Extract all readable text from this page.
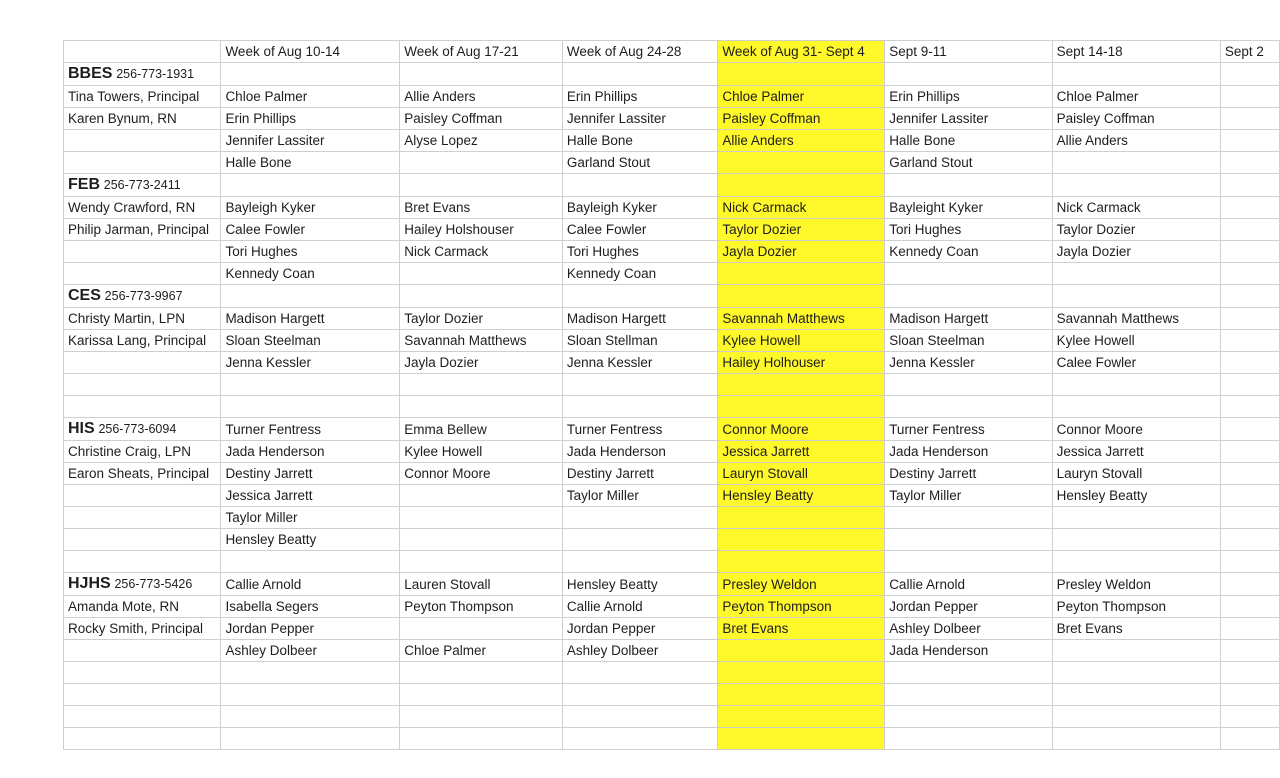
	Week of Aug 10-14	Week of Aug 17-21	Week of Aug 24-28	Week of Aug 31- Sept 4	Sept 9-11	Sept 14-18	Sept 2
BBES 256-773-1931							
Tina Towers, Principal	Chloe Palmer	Allie Anders	Erin Phillips	Chloe Palmer	Erin Phillips	Chloe Palmer	
Karen Bynum, RN	Erin Phillips	Paisley Coffman	Jennifer Lassiter	Paisley Coffman	Jennifer Lassiter	Paisley Coffman	
	Jennifer Lassiter	Alyse Lopez	Halle Bone	Allie Anders	Halle Bone	Allie Anders	
	Halle Bone		Garland Stout		Garland Stout		
FEB 256-773-2411							
Wendy Crawford, RN	Bayleigh Kyker	Bret Evans	Bayleigh Kyker	Nick Carmack	Bayleight Kyker	Nick Carmack	
Philip Jarman, Principal	Calee Fowler	Hailey Holshouser	Calee Fowler	Taylor Dozier	Tori Hughes	Taylor Dozier	
	Tori Hughes	Nick Carmack	Tori Hughes	Jayla Dozier	Kennedy Coan	Jayla Dozier	
	Kennedy Coan		Kennedy Coan				
CES 256-773-9967							
Christy Martin, LPN	Madison Hargett	Taylor Dozier	Madison Hargett	Savannah Matthews	Madison Hargett	Savannah Matthews	
Karissa Lang, Principal	Sloan Steelman	Savannah Matthews	Sloan Stellman	Kylee Howell	Sloan Steelman	Kylee Howell	
	Jenna Kessler	Jayla Dozier	Jenna Kessler	Hailey Holhouser	Jenna Kessler	Calee Fowler	

HIS 256-773-6094	Turner Fentress	Emma Bellew	Turner Fentress	Connor Moore	Turner Fentress	Connor Moore	
Christine Craig, LPN	Jada Henderson	Kylee Howell	Jada Henderson	Jessica Jarrett	Jada Henderson	Jessica Jarrett	
Earon Sheats, Principal	Destiny Jarrett	Connor Moore	Destiny Jarrett	Lauryn Stovall	Destiny Jarrett	Lauryn Stovall	
	Jessica Jarrett		Taylor Miller	Hensley Beatty	Taylor Miller	Hensley Beatty	
	Taylor Miller						
	Hensley Beatty						

HJHS 256-773-5426	Callie Arnold	Lauren Stovall	Hensley Beatty	Presley Weldon	Callie Arnold	Presley Weldon	
Amanda Mote, RN	Isabella Segers	Peyton Thompson	Callie Arnold	Peyton Thompson	Jordan Pepper	Peyton Thompson	
Rocky Smith, Principal	Jordan Pepper		Jordan Pepper	Bret Evans	Ashley Dolbeer	Bret Evans	
	Ashley Dolbeer	Chloe Palmer	Ashley Dolbeer		Jada Henderson		
